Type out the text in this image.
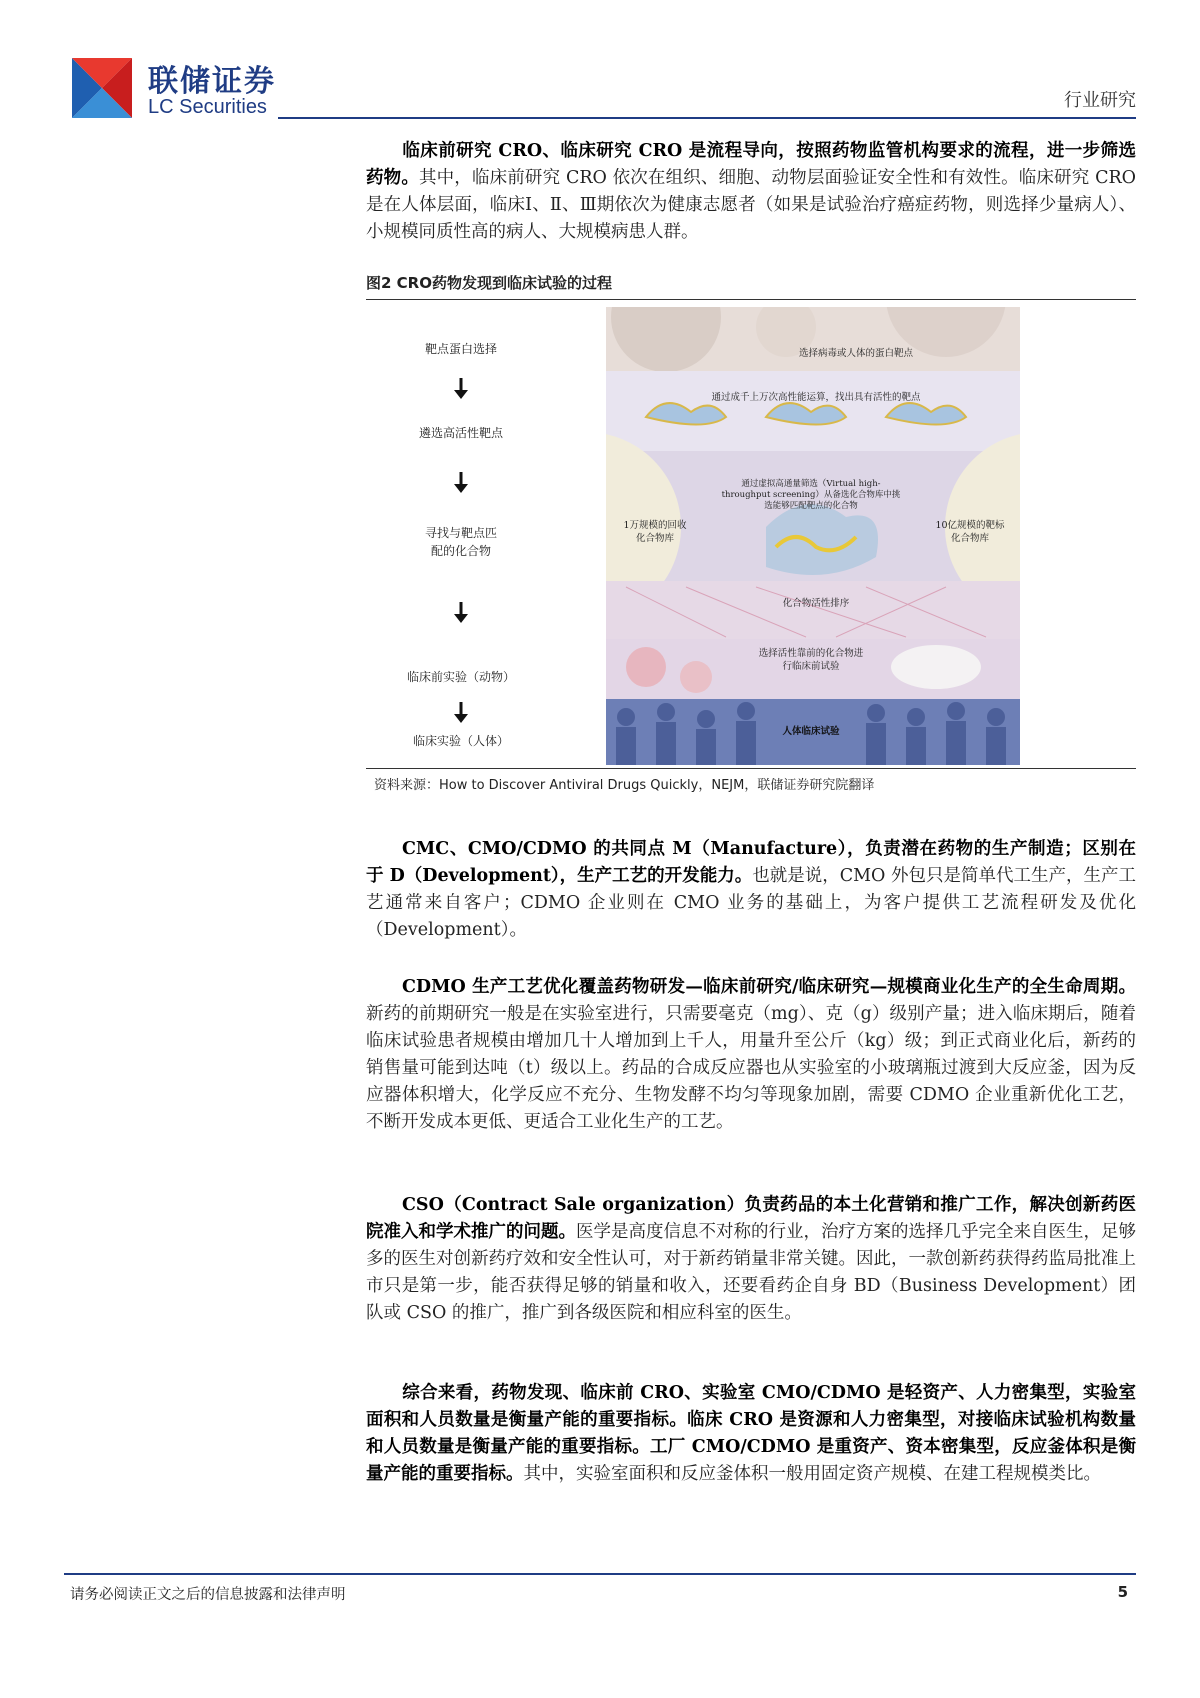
联储证券
LC Securities	行业研究

临床前研究 CRO、临床研究 CRO 是流程导向，按照药物监管机构要求的流程，进一步筛选药物。其中，临床前研究 CRO 依次在组织、细胞、动物层面验证安全性和有效性。临床研究 CRO 是在人体层面，临床Ⅰ、Ⅱ、Ⅲ期依次为健康志愿者（如果是试验治疗癌症药物，则选择少量病人）、小规模同质性高的病人、大规模病患人群。

图2 CRO药物发现到临床试验的过程
靶点蛋白选择
遴选高活性靶点
寻找与靶点匹配的化合物
临床前实验（动物）
临床实验（人体）
选择病毒或人体的蛋白靶点
通过成千上万次高性能运算，找出具有活性的靶点
通过虚拟高通量筛选（Virtual high-throughput screening）从备选化合物库中挑选能够匹配靶点的化合物
1万规模的回收化合物库
10亿规模的靶标化合物库
化合物活性排序
选择活性靠前的化合物进行临床前试验
人体临床试验
资料来源：How to Discover Antiviral Drugs Quickly，NEJM，联储证券研究院翻译

CMC、CMO/CDMO 的共同点 M（Manufacture），负责潜在药物的生产制造；区别在于 D（Development），生产工艺的开发能力。也就是说，CMO 外包只是简单代工生产，生产工艺通常来自客户；CDMO 企业则在 CMO 业务的基础上，为客户提供工艺流程研发及优化（Development）。

CDMO 生产工艺优化覆盖药物研发—临床前研究/临床研究—规模商业化生产的全生命周期。新药的前期研究一般是在实验室进行，只需要毫克（mg）、克（g）级别产量；进入临床期后，随着临床试验患者规模由增加几十人增加到上千人，用量升至公斤（kg）级；到正式商业化后，新药的销售量可能到达吨（t）级以上。药品的合成反应器也从实验室的小玻璃瓶过渡到大反应釜，因为反应器体积增大，化学反应不充分、生物发酵不均匀等现象加剧，需要 CDMO 企业重新优化工艺，不断开发成本更低、更适合工业化生产的工艺。

CSO（Contract Sale organization）负责药品的本土化营销和推广工作，解决创新药医院准入和学术推广的问题。医学是高度信息不对称的行业，治疗方案的选择几乎完全来自医生，足够多的医生对创新药疗效和安全性认可，对于新药销量非常关键。因此，一款创新药获得药监局批准上市只是第一步，能否获得足够的销量和收入，还要看药企自身 BD（Business Development）团队或 CSO 的推广，推广到各级医院和相应科室的医生。

综合来看，药物发现、临床前 CRO、实验室 CMO/CDMO 是轻资产、人力密集型，实验室面积和人员数量是衡量产能的重要指标。临床 CRO 是资源和人力密集型，对接临床试验机构数量和人员数量是衡量产能的重要指标。工厂 CMO/CDMO 是重资产、资本密集型，反应釜体积是衡量产能的重要指标。其中，实验室面积和反应釜体积一般用固定资产规模、在建工程规模类比。

请务必阅读正文之后的信息披露和法律声明	5
